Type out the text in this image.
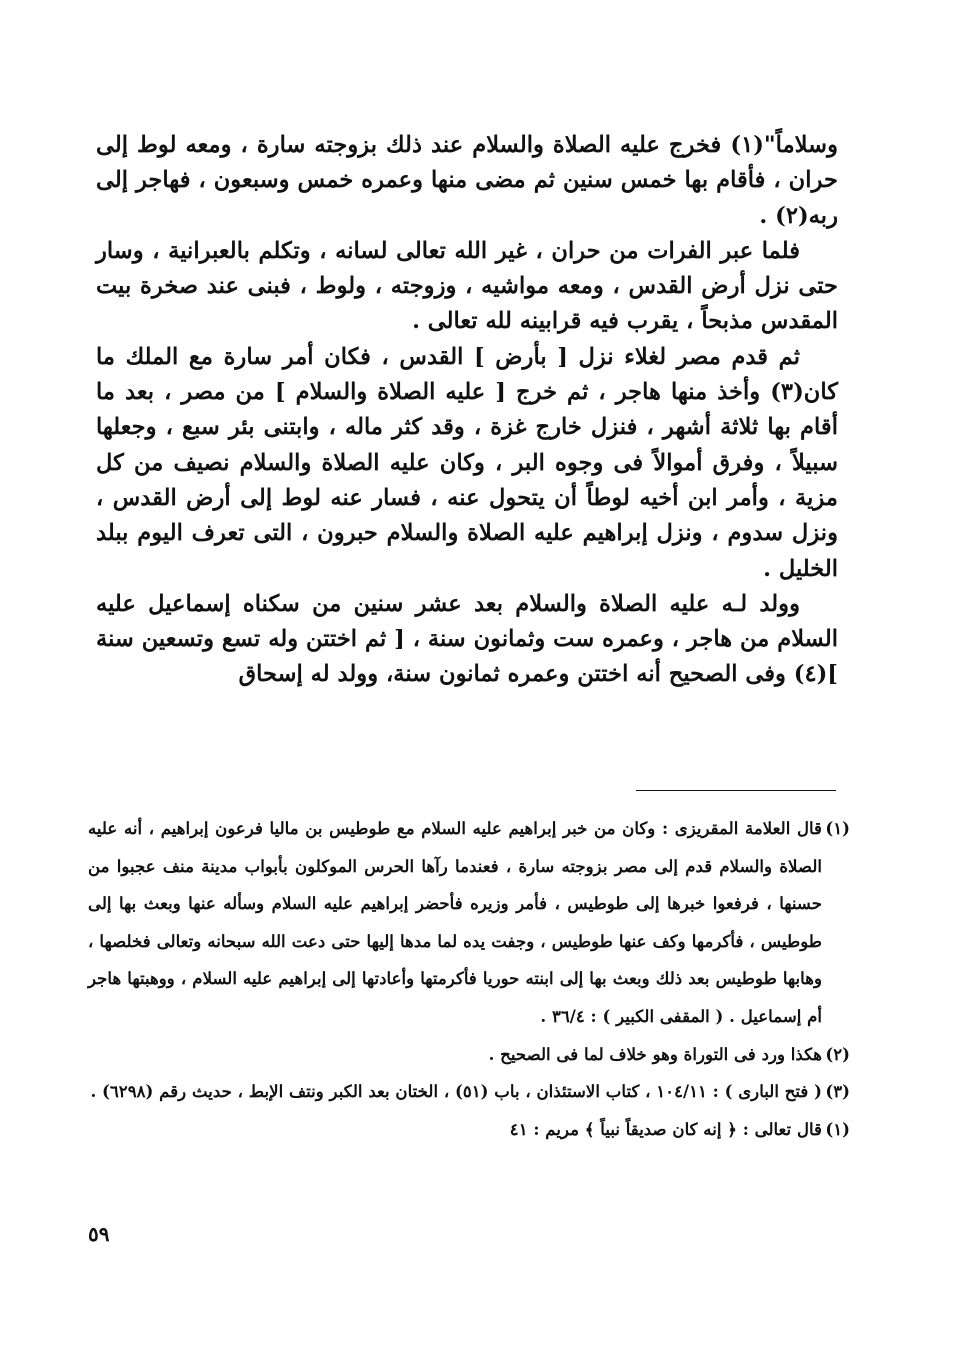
وسلاماً"(١) فخرج عليه الصلاة والسلام عند ذلك بزوجته سارة ، ومعه لوط إلى حران ، فأقام بها خمس سنين ثم مضى منها وعمره خمس وسبعون ، فهاجر إلى ربه(٢) .

فلما عبر الفرات من حران ، غير الله تعالى لسانه ، وتكلم بالعبرانية ، وسار حتى نزل أرض القدس ، ومعه مواشيه ، وزوجته ، ولوط ، فبنى عند صخرة بيت المقدس مذبحاً ، يقرب فيه قرابينه لله تعالى .

ثم قدم مصر لغلاء نزل [ بأرض ] القدس ، فكان أمر سارة مع الملك ما كان(٣) وأخذ منها هاجر ، ثم خرج [ عليه الصلاة والسلام ] من مصر ، بعد ما أقام بها ثلاثة أشهر ، فنزل خارج غزة ، وقد كثر ماله ، وابتنى بئر سبع ، وجعلها سبيلاً ، وفرق أموالاً فى وجوه البر ، وكان عليه الصلاة والسلام نصيف من كل مزية ، وأمر ابن أخيه لوطاً أن يتحول عنه ، فسار عنه لوط إلى أرض القدس ، ونزل سدوم ، ونزل إبراهيم عليه الصلاة والسلام حبرون ، التى تعرف اليوم ببلد الخليل .

وولد لـه عليه الصلاة والسلام بعد عشر سنين من سكناه إسماعيل عليه السلام من هاجر ، وعمره ست وثمانون سنة ، [ ثم اختتن وله تسع وتسعين سنة ](٤) وفى الصحيح أنه اختتن وعمره ثمانون سنة، وولد له إسحاق

(١)
قال العلامة المقريزى : وكان من خبر إبراهيم عليه السلام مع طوطيس بن ماليا فرعون إبراهيم ، أنه عليه الصلاة والسلام قدم إلى مصر بزوجته سارة ، فعندما رآها الحرس الموكلون بأبواب مدينة منف عجبوا من حسنها ، فرفعوا خبرها إلى طوطيس ، فأمر وزيره فأحضر إبراهيم عليه السلام وسأله عنها وبعث بها إلى طوطيس ، فأكرمها وكف عنها طوطيس ، وجفت يده لما مدها إليها حتى دعت الله سبحانه وتعالى فخلصها ، وهابها طوطيس بعد ذلك وبعث بها إلى ابنته حوريا فأكرمتها وأعادتها إلى إبراهيم عليه السلام ، ووهبتها هاجر أم إسماعيل . ( المقفى الكبير ) : ٣٦/٤ .

(٢)
هكذا ورد فى التوراة وهو خلاف لما فى الصحيح .

(٣)
( فتح البارى ) : ١٠٤/١١ ، كتاب الاستئذان ، باب (٥١) ، الختان بعد الكبر ونتف الإبط ، حديث رقم (٦٢٩٨) .

(١)
قال تعالى : ﴿ إنه كان صديقاً نبياً ﴾ مريم : ٤١

٥٩
